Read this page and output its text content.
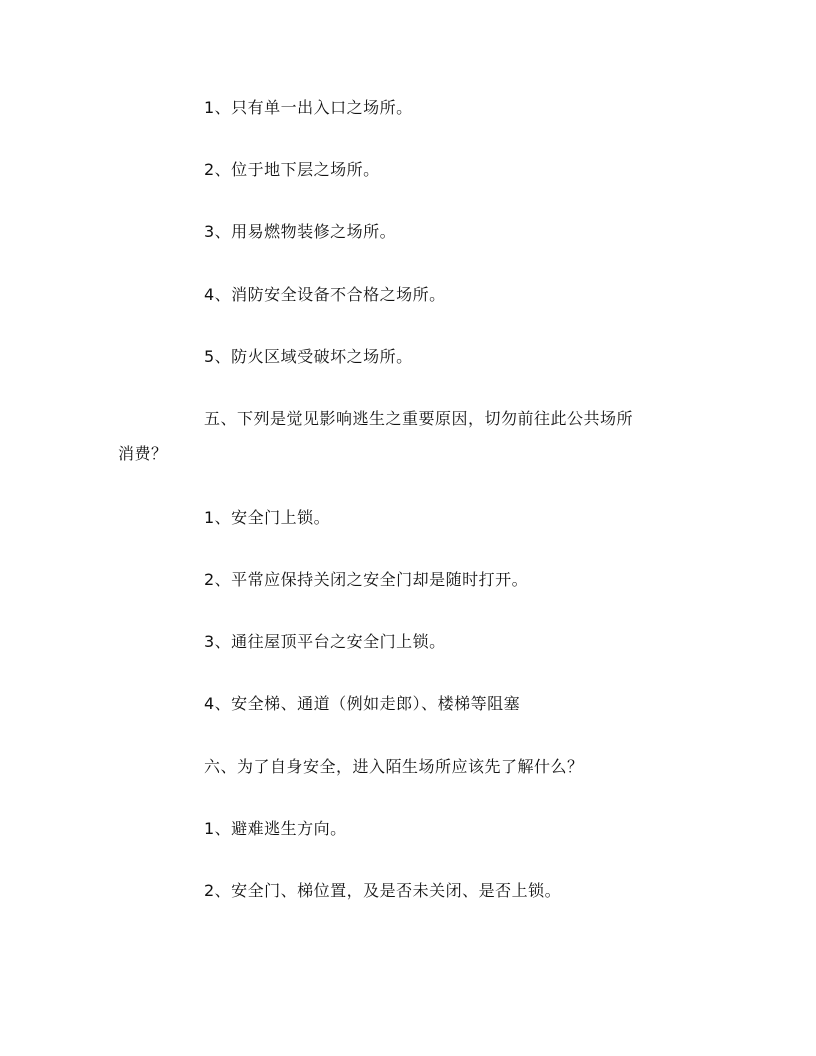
1、只有单一出入口之场所。
2、位于地下层之场所。
3、用易燃物装修之场所。
4、消防安全设备不合格之场所。
5、防火区域受破坏之场所。
五、下列是觉见影响逃生之重要原因，切勿前往此公共场所
消费？
1、安全门上锁。
2、平常应保持关闭之安全门却是随时打开。
3、通往屋顶平台之安全门上锁。
4、安全梯、通道（例如走郎）、楼梯等阻塞
六、为了自身安全，进入陌生场所应该先了解什么？
1、避难逃生方向。
2、安全门、梯位置，及是否未关闭、是否上锁。
